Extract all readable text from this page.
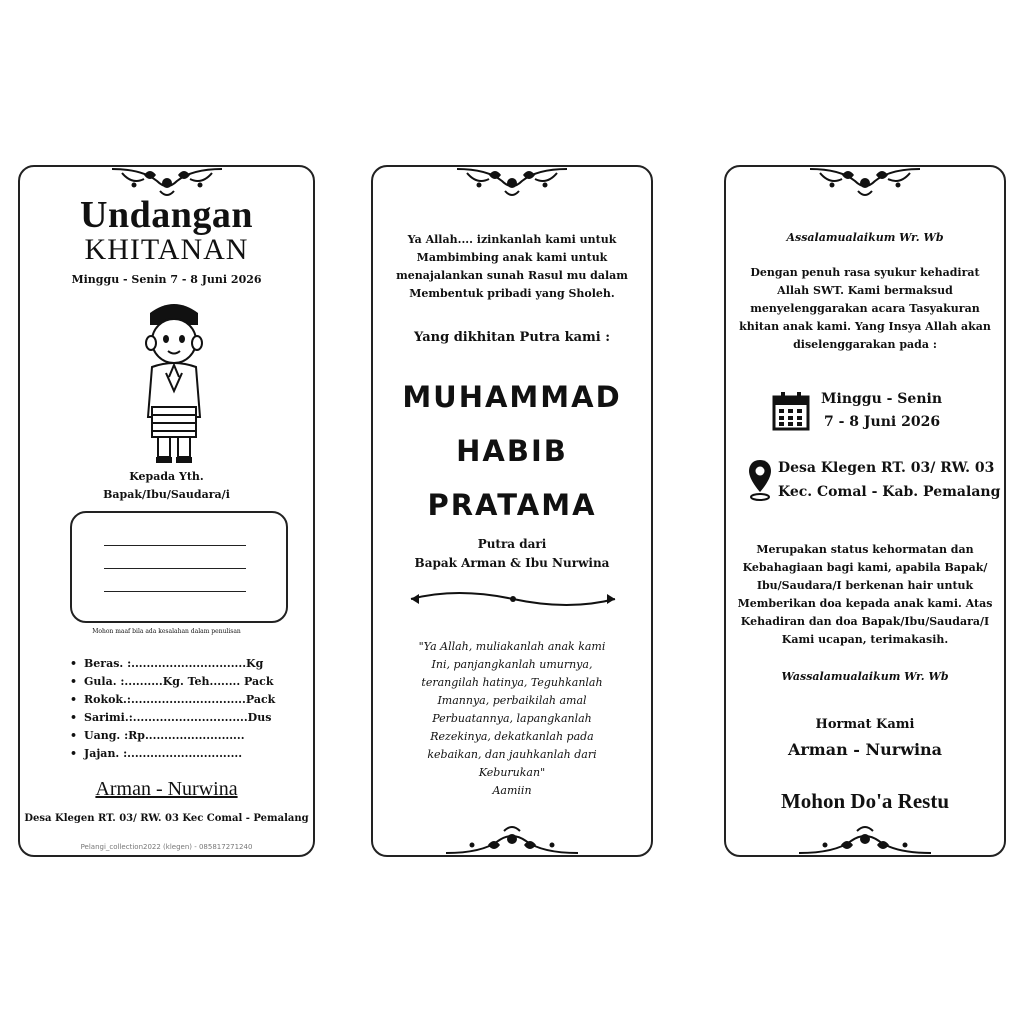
Undangan
KHITANAN
Minggu - Senin 7 - 8 Juni 2026
Kepada Yth.
Bapak/Ibu/Saudara/i
Mohon maaf bila ada kesalahan dalam penulisan
• Beras. :..............................Kg
• Gula. :..........Kg. Teh........ Pack
• Rokok.:..............................Pack
• Sarimi.:..............................Dus
• Uang. :Rp..........................
• Jajan. :..............................
Arman - Nurwina
Desa Klegen RT. 03/ RW. 03 Kec Comal - Pemalang
Pelangi_collection2022 (klegen) - 085817271240
Ya Allah.... izinkanlah kami untuk
Mambimbing anak kami untuk
menajalankan sunah Rasul mu dalam
Membentuk pribadi yang Sholeh.
Yang dikhitan Putra kami :
MUHAMMAD
HABIB
PRATAMA
Putra dari
Bapak Arman & Ibu Nurwina
"Ya Allah, muliakanlah anak kami
Ini, panjangkanlah umurnya,
terangilah hatinya, Teguhkanlah
Imannya, perbaikilah amal
Perbuatannya, lapangkanlah
Rezekinya, dekatkanlah pada
kebaikan, dan jauhkanlah dari
Keburukan"
Aamiin
Assalamualaikum Wr. Wb
Dengan penuh rasa syukur kehadirat
Allah SWT. Kami bermaksud
menyelenggarakan acara Tasyakuran
khitan anak kami. Yang Insya Allah akan
diselenggarakan pada :
Minggu - Senin
7 - 8 Juni 2026
Desa Klegen RT. 03/ RW. 03
Kec. Comal - Kab. Pemalang
Merupakan status kehormatan dan
Kebahagiaan bagi kami, apabila Bapak/
Ibu/Saudara/I berkenan hair untuk
Memberikan doa kepada anak kami. Atas
Kehadiran dan doa Bapak/Ibu/Saudara/I
Kami ucapan, terimakasih.
Wassalamualaikum Wr. Wb
Hormat Kami
Arman - Nurwina
Mohon Do'a Restu
